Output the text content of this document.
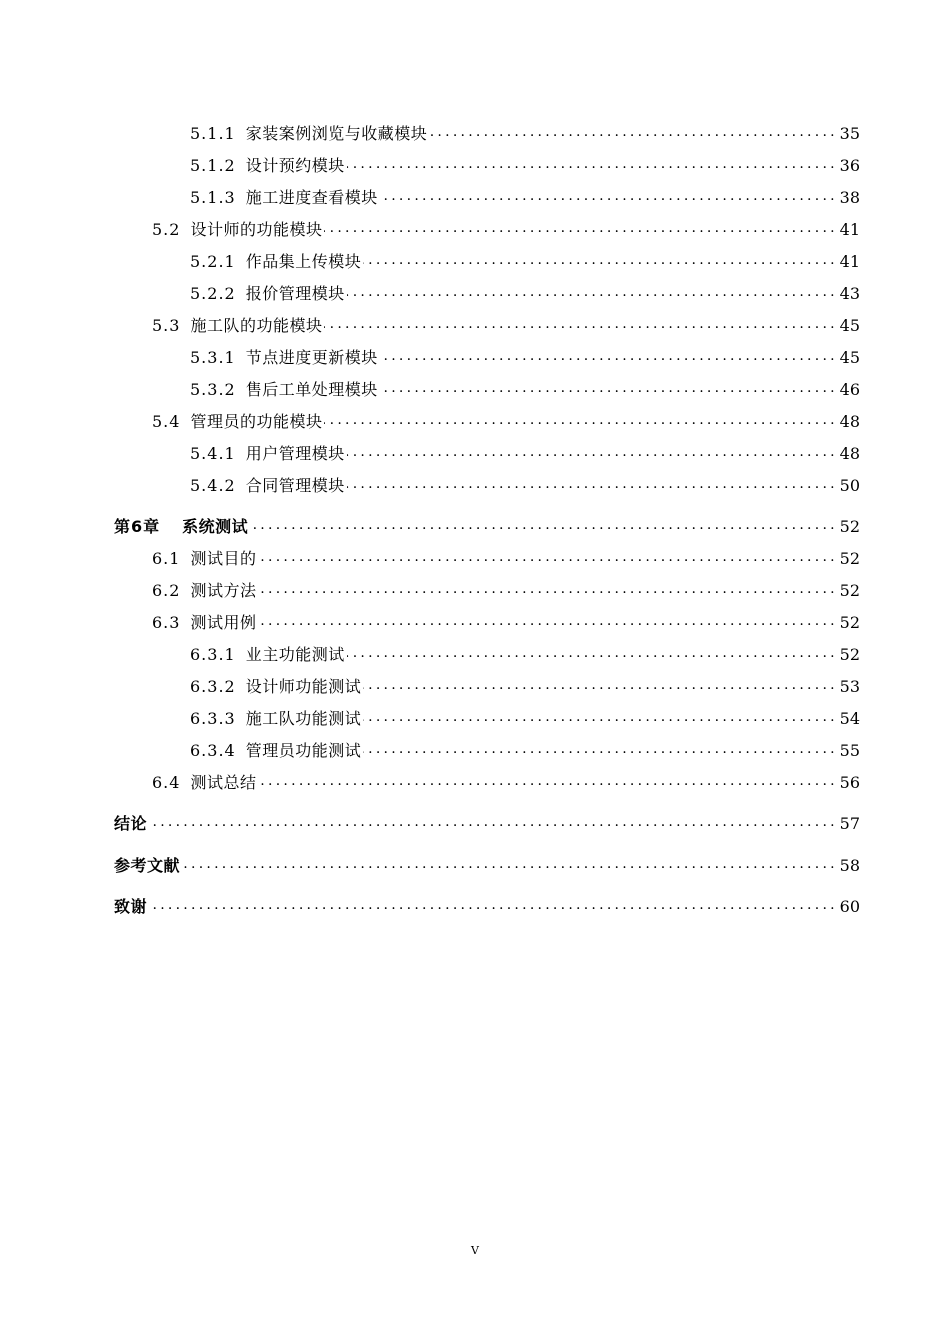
5.1.1 家装案例浏览与收藏模块 . . .	35
5.1.2 设计预约模块 . . .	36
5.1.3 施工进度查看模块 . . .	38
5.2 设计师的功能模块 . . .	41
5.2.1 作品集上传模块 . . .	41
5.2.2 报价管理模块 . . .	43
5.3 施工队的功能模块 . . .	45
5.3.1 节点进度更新模块 . . .	45
5.3.2 售后工单处理模块 . . .	46
5.4 管理员的功能模块 . . .	48
5.4.1 用户管理模块 . . .	48
5.4.2 合同管理模块 . . .	50
第6章 系统测试 . . .	52
6.1 测试目的 . . .	52
6.2 测试方法 . . .	52
6.3 测试用例 . . .	52
6.3.1 业主功能测试 . . .	52
6.3.2 设计师功能测试 . . .	53
6.3.3 施工队功能测试 . . .	54
6.3.4 管理员功能测试 . . .	55
6.4 测试总结 . . .	56
结论 . . .	57
参考文献 . . .	58
致谢 . . .	60
V
